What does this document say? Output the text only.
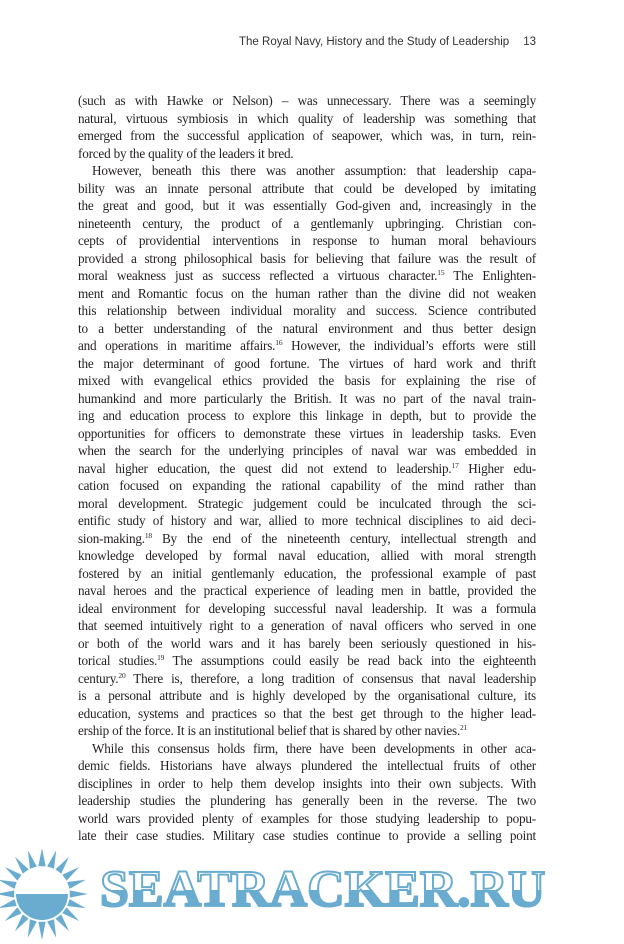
The Royal Navy, History and the Study of Leadership 13
(such as with Hawke or Nelson) – was unnecessary. There was a seemingly
natural, virtuous symbiosis in which quality of leadership was something that
emerged from the successful application of seapower, which was, in turn, rein-
forced by the quality of the leaders it bred.
However, beneath this there was another assumption: that leadership capa-
bility was an innate personal attribute that could be developed by imitating
the great and good, but it was essentially God-given and, increasingly in the
nineteenth century, the product of a gentlemanly upbringing. Christian con-
cepts of providential interventions in response to human moral behaviours
provided a strong philosophical basis for believing that failure was the result of
moral weakness just as success reflected a virtuous character.$^{15}$ The Enlighten-
ment and Romantic focus on the human rather than the divine did not weaken
this relationship between individual morality and success. Science contributed
to a better understanding of the natural environment and thus better design
and operations in maritime affairs.$^{16}$ However, the individual’s efforts were still
the major determinant of good fortune. The virtues of hard work and thrift
mixed with evangelical ethics provided the basis for explaining the rise of
humankind and more particularly the British. It was no part of the naval train-
ing and education process to explore this linkage in depth, but to provide the
opportunities for officers to demonstrate these virtues in leadership tasks. Even
when the search for the underlying principles of naval war was embedded in
naval higher education, the quest did not extend to leadership.$^{17}$ Higher edu-
cation focused on expanding the rational capability of the mind rather than
moral development. Strategic judgement could be inculcated through the sci-
entific study of history and war, allied to more technical disciplines to aid deci-
sion-making.$^{18}$ By the end of the nineteenth century, intellectual strength and
knowledge developed by formal naval education, allied with moral strength
fostered by an initial gentlemanly education, the professional example of past
naval heroes and the practical experience of leading men in battle, provided the
ideal environment for developing successful naval leadership. It was a formula
that seemed intuitively right to a generation of naval officers who served in one
or both of the world wars and it has barely been seriously questioned in his-
torical studies.$^{19}$ The assumptions could easily be read back into the eighteenth
century.$^{20}$ There is, therefore, a long tradition of consensus that naval leadership
is a personal attribute and is highly developed by the organisational culture, its
education, systems and practices so that the best get through to the higher lead-
ership of the force. It is an institutional belief that is shared by other navies.$^{21}$
While this consensus holds firm, there have been developments in other aca-
demic fields. Historians have always plundered the intellectual fruits of other
disciplines in order to help them develop insights into their own subjects. With
leadership studies the plundering has generally been in the reverse. The two
world wars provided plenty of examples for those studying leadership to popu-
late their case studies. Military case studies continue to provide a selling point
SEATRACKER.RU
